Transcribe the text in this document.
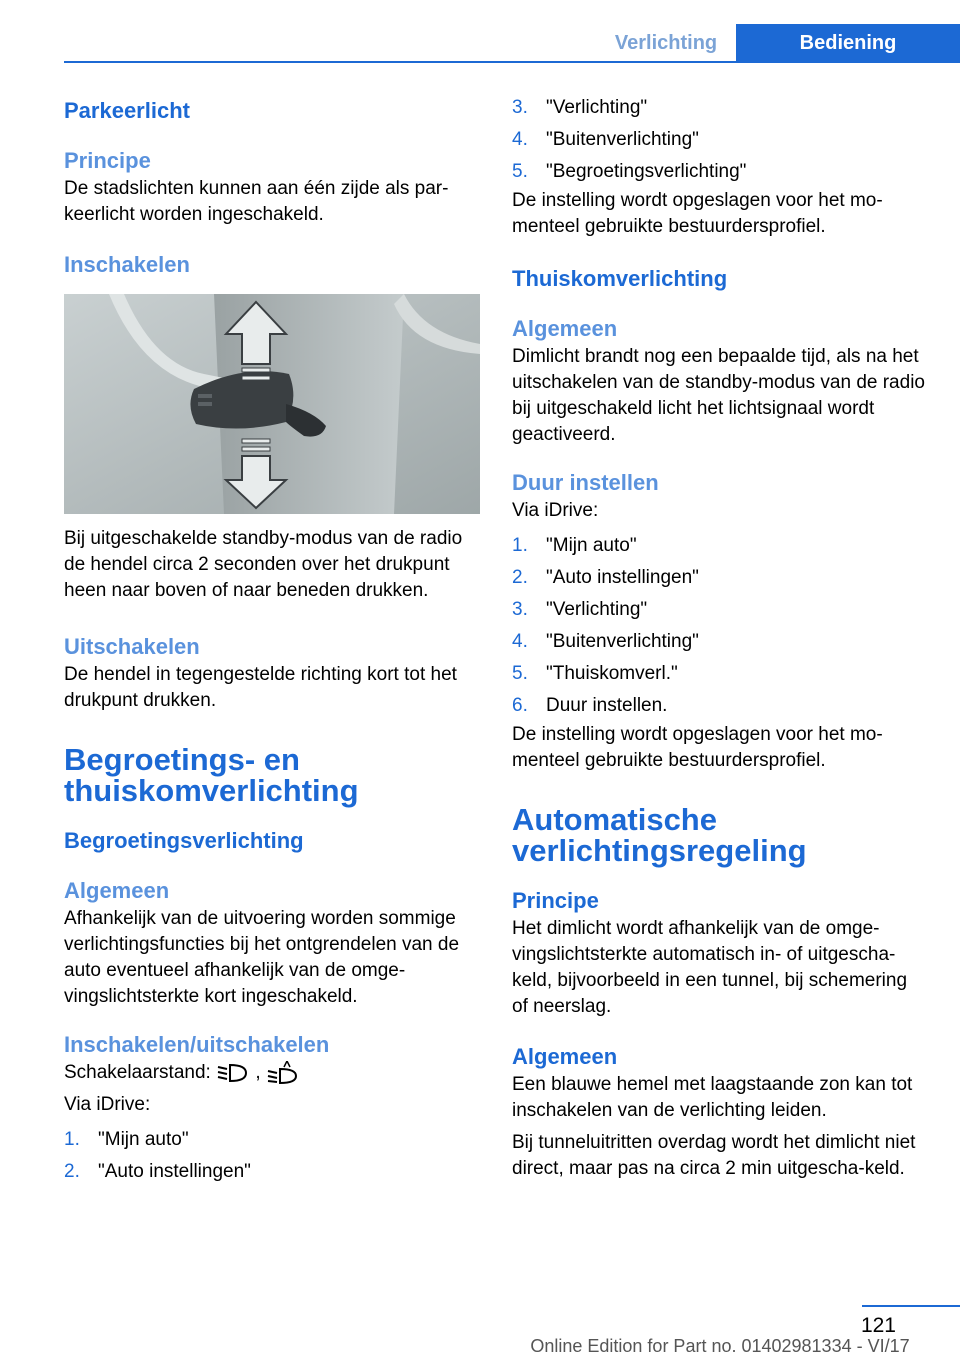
Verlichting	Bediening
Parkeerlicht
Principe

De stadslichten kunnen aan één zijde als par-keerlicht worden ingeschakeld.

Inschakelen

Bij uitgeschakelde standby-modus van de radio de hendel circa 2 seconden over het drukpunt heen naar boven of naar beneden drukken.

Uitschakelen

De hendel in tegengestelde richting kort tot het drukpunt drukken.

Begroetings- en thuiskomverlichting
Begroetingsverlichting
Algemeen

Afhankelijk van de uitvoering worden sommige verlichtingsfuncties bij het ontgrendelen van de auto eventueel afhankelijk van de omge-vingslichtsterkte kort ingeschakeld.

Inschakelen/uitschakelen

Schakelaarstand: ,

Via iDrive:

1. "Mijn auto"
2. "Auto instellingen"
3. "Verlichting"
4. "Buitenverlichting"
5. "Begroetingsverlichting"

De instelling wordt opgeslagen voor het mo-menteel gebruikte bestuurdersprofiel.

Thuiskomverlichting
Algemeen

Dimlicht brandt nog een bepaalde tijd, als na het uitschakelen van de standby-modus van de radio bij uitgeschakeld licht het lichtsignaal wordt geactiveerd.

Duur instellen

Via iDrive:

1. "Mijn auto"
2. "Auto instellingen"
3. "Verlichting"
4. "Buitenverlichting"
5. "Thuiskomverl."
6. Duur instellen.

De instelling wordt opgeslagen voor het mo-menteel gebruikte bestuurdersprofiel.

Automatische verlichtingsregeling
Principe

Het dimlicht wordt afhankelijk van de omge-vingslichtsterkte automatisch in- of uitgescha-keld, bijvoorbeeld in een tunnel, bij schemering of neerslag.

Algemeen

Een blauwe hemel met laagstaande zon kan tot inschakelen van de verlichting leiden.

Bij tunneluitritten overdag wordt het dimlicht niet direct, maar pas na circa 2 min uitgescha-keld.

121
Online Edition for Part no. 01402981334 - VI/17
